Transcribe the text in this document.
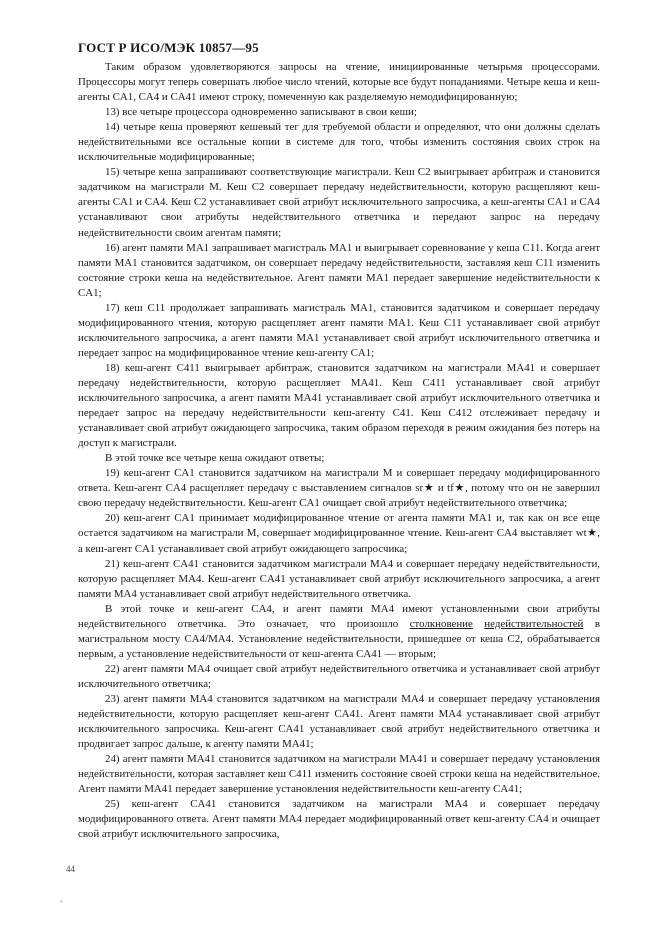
ГОСТ Р ИСО/МЭК 10857—95

Таким образом удовлетворяются запросы на чтение, инициированные четырьмя процессорами. Процессоры могут теперь совершать любое число чтений, которые все будут попаданиями. Четыре кеша и кеш-агенты CA1, CA4 и CA41 имеют строку, помеченную как разделяемую немодифицированную;

13) все четыре процессора одновременно записывают в свои кеши;

14) четыре кеша проверяют кешевый тег для требуемой области и определяют, что они должны сделать недействительными все остальные копии в системе для того, чтобы изменить состояния своих строк на исключительные модифицированные;

15) четыре кеша запрашивают соответствующие магистрали. Кеш C2 выигрывает арбитраж и становится задатчиком на магистрали M. Кеш C2 совершает передачу недействительности, которую расщепляют кеш-агенты CA1 и CA4. Кеш C2 устанавливает свой атрибут исключительного запросчика, а кеш-агенты CA1 и CA4 устанавливают свои атрибуты недействительного ответчика и передают запрос на передачу недействительности своим агентам памяти;

16) агент памяти MA1 запрашивает магистраль MA1 и выигрывает соревнование у кеша C11. Когда агент памяти MA1 становится задатчиком, он совершает передачу недействительности, заставляя кеш C11 изменить состояние строки кеша на недействительное. Агент памяти MA1 передает завершение недействительности к CA1;

17) кеш C11 продолжает запрашивать магистраль MA1, становится задатчиком и совершает передачу модифицированного чтения, которую расщепляет агент памяти MA1. Кеш C11 устанавливает свой атрибут исключительного запросчика, а агент памяти MA1 устанавливает свой атрибут исключительного ответчика и передает запрос на модифицированное чтение кеш-агенту CA1;

18) кеш-агент C411 выигрывает арбитраж, становится задатчиком на магистрали MA41 и совершает передачу недействительности, которую расщепляет MA41. Кеш C411 устанавливает свой атрибут исключительного запросчика, а агент памяти MA41 устанавливает свой атрибут исключительного ответчика и передает запрос на передачу недействительности кеш-агенту C41. Кеш C412 отслеживает передачу и устанавливает свой атрибут ожидающего запросчика, таким образом переходя в режим ожидания без потерь на доступ к магистрали.

В этой точке все четыре кеша ожидают ответы;

19) кеш-агент CA1 становится задатчиком на магистрали M и совершает передачу модифицированного ответа. Кеш-агент CA4 расщепляет передачу с выставлением сигналов sr★ и tf★, потому что он не завершил свою передачу недействительности. Кеш-агент CA1 очищает свой атрибут недействительного ответчика;

20) кеш-агент CA1 принимает модифицированное чтение от агента памяти MA1 и, так как он все еще остается задатчиком на магистрали M, совершает модифицированное чтение. Кеш-агент CA4 выставляет wt★, а кеш-агент CA1 устанавливает свой атрибут ожидающего запросчика;

21) кеш-агент CA41 становится задатчиком магистрали MA4 и совершает передачу недействительности, которую расщепляет MA4. Кеш-агент CA41 устанавливает свой атрибут исключительного запросчика, а агент памяти MA4 устанавливает свой атрибут недействительного ответчика.

В этой точке и кеш-агент CA4, и агент памяти MA4 имеют установленными свои атрибуты недействительного ответчика. Это означает, что произошло столкновение недействительностей в магистральном мосту CA4/MA4. Установление недействительности, пришедшее от кеша C2, обрабатывается первым, а установление недействительности от кеш-агента CA41 — вторым;

22) агент памяти MA4 очищает свой атрибут недействительного ответчика и устанавливает свой атрибут исключительного ответчика;

23) агент памяти MA4 становится задатчиком на магистрали MA4 и совершает передачу установления недействительности, которую расщепляет кеш-агент CA41. Агент памяти MA4 устанавливает свой атрибут исключительного запросчика. Кеш-агент CA41 устанавливает свой атрибут недействительного ответчика и продвигает запрос дальше, к агенту памяти MA41;

24) агент памяти MA41 становится задатчиком на магистрали MA41 и совершает передачу установления недействительности, которая заставляет кеш C411 изменить состояние своей строки кеша на недействительное. Агент памяти MA41 передает завершение установления недействительности кеш-агенту CA41;

25) кеш-агент CA41 становится задатчиком на магистрали MA4 и совершает передачу модифицированного ответа. Агент памяти MA4 передает модифицированный ответ кеш-агенту CA4 и очищает свой атрибут исключительного запросчика,

44
-
